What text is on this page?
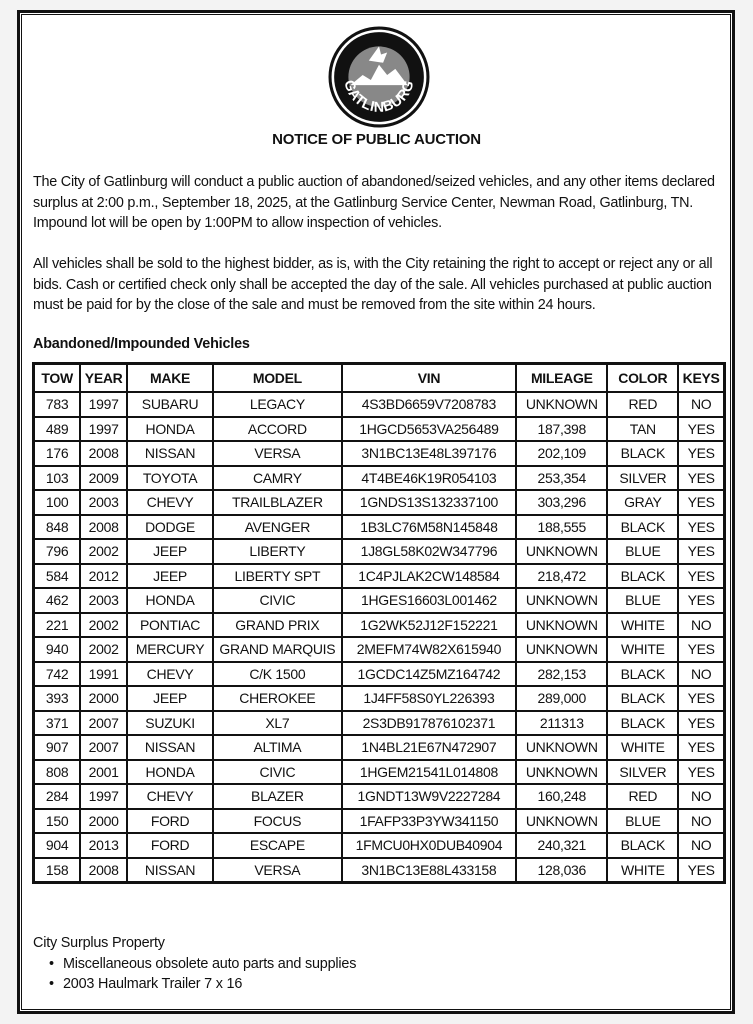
GATLINBURG
NOTICE OF PUBLIC AUCTION
The City of Gatlinburg will conduct a public auction of abandoned/seized vehicles, and any other items declared surplus at 2:00 p.m., September 18, 2025, at the Gatlinburg Service Center, Newman Road, Gatlinburg, TN. Impound lot will be open by 1:00PM to allow inspection of vehicles.
All vehicles shall be sold to the highest bidder, as is, with the City retaining the right to accept or reject any or all bids. Cash or certified check only shall be accepted the day of the sale. All vehicles purchased at public auction must be paid for by the close of the sale and must be removed from the site within 24 hours.
Abandoned/Impounded Vehicles
TOW	YEAR	MAKE	MODEL	VIN	MILEAGE	COLOR	KEYS
783	1997	SUBARU	LEGACY	4S3BD6659V7208783	UNKNOWN	RED	NO
489	1997	HONDA	ACCORD	1HGCD5653VA256489	187,398	TAN	YES
176	2008	NISSAN	VERSA	3N1BC13E48L397176	202,109	BLACK	YES
103	2009	TOYOTA	CAMRY	4T4BE46K19R054103	253,354	SILVER	YES
100	2003	CHEVY	TRAILBLAZER	1GNDS13S132337100	303,296	GRAY	YES
848	2008	DODGE	AVENGER	1B3LC76M58N145848	188,555	BLACK	YES
796	2002	JEEP	LIBERTY	1J8GL58K02W347796	UNKNOWN	BLUE	YES
584	2012	JEEP	LIBERTY SPT	1C4PJLAK2CW148584	218,472	BLACK	YES
462	2003	HONDA	CIVIC	1HGES16603L001462	UNKNOWN	BLUE	YES
221	2002	PONTIAC	GRAND PRIX	1G2WK52J12F152221	UNKNOWN	WHITE	NO
940	2002	MERCURY	GRAND MARQUIS	2MEFM74W82X615940	UNKNOWN	WHITE	YES
742	1991	CHEVY	C/K 1500	1GCDC14Z5MZ164742	282,153	BLACK	NO
393	2000	JEEP	CHEROKEE	1J4FF58S0YL226393	289,000	BLACK	YES
371	2007	SUZUKI	XL7	2S3DB917876102371	211313	BLACK	YES
907	2007	NISSAN	ALTIMA	1N4BL21E67N472907	UNKNOWN	WHITE	YES
808	2001	HONDA	CIVIC	1HGEM21541L014808	UNKNOWN	SILVER	YES
284	1997	CHEVY	BLAZER	1GNDT13W9V2227284	160,248	RED	NO
150	2000	FORD	FOCUS	1FAFP33P3YW341150	UNKNOWN	BLUE	NO
904	2013	FORD	ESCAPE	1FMCU0HX0DUB40904	240,321	BLACK	NO
158	2008	NISSAN	VERSA	3N1BC13E88L433158	128,036	WHITE	YES
City Surplus Property
• Miscellaneous obsolete auto parts and supplies
• 2003 Haulmark Trailer 7 x 16
